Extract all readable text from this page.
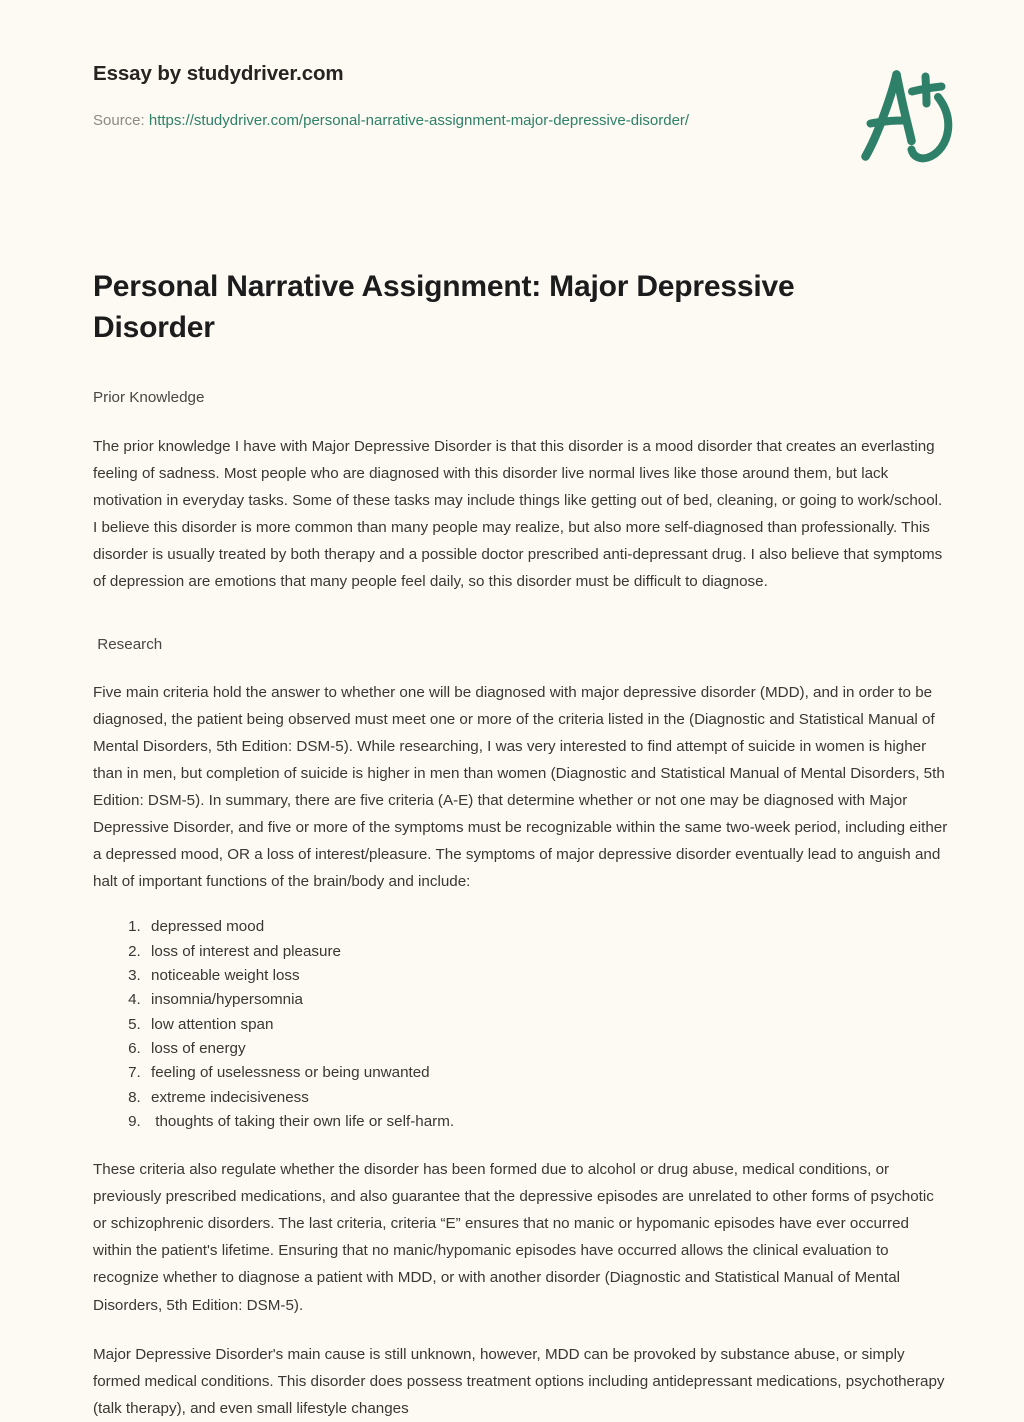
Essay by studydriver.com
Source: https://studydriver.com/personal-narrative-assignment-major-depressive-disorder/
Personal Narrative Assignment: Major Depressive Disorder
Prior Knowledge

The prior knowledge I have with Major Depressive Disorder is that this disorder is a mood disorder that creates an everlasting feeling of sadness. Most people who are diagnosed with this disorder live normal lives like those around them, but lack motivation in everyday tasks. Some of these tasks may include things like getting out of bed, cleaning, or going to work/school. I believe this disorder is more common than many people may realize, but also more self-diagnosed than professionally. This disorder is usually treated by both therapy and a possible doctor prescribed anti-depressant drug. I also believe that symptoms of depression are emotions that many people feel daily, so this disorder must be difficult to diagnose.

Research

Five main criteria hold the answer to whether one will be diagnosed with major depressive disorder (MDD), and in order to be diagnosed, the patient being observed must meet one or more of the criteria listed in the (Diagnostic and Statistical Manual of Mental Disorders, 5th Edition: DSM-5). While researching, I was very interested to find attempt of suicide in women is higher than in men, but completion of suicide is higher in men than women (Diagnostic and Statistical Manual of Mental Disorders, 5th Edition: DSM-5). In summary, there are five criteria (A-E) that determine whether or not one may be diagnosed with Major Depressive Disorder, and five or more of the symptoms must be recognizable within the same two-week period, including either a depressed mood, OR a loss of interest/pleasure. The symptoms of major depressive disorder eventually lead to anguish and halt of important functions of the brain/body and include:

1. depressed mood
2. loss of interest and pleasure
3. noticeable weight loss
4. insomnia/hypersomnia
5. low attention span
6. loss of energy
7. feeling of uselessness or being unwanted
8. extreme indecisiveness
9.  thoughts of taking their own life or self-harm.

These criteria also regulate whether the disorder has been formed due to alcohol or drug abuse, medical conditions, or previously prescribed medications, and also guarantee that the depressive episodes are unrelated to other forms of psychotic or schizophrenic disorders. The last criteria, criteria “E” ensures that no manic or hypomanic episodes have ever occurred within the patient's lifetime. Ensuring that no manic/hypomanic episodes have occurred allows the clinical evaluation to recognize whether to diagnose a patient with MDD, or with another disorder (Diagnostic and Statistical Manual of Mental Disorders, 5th Edition: DSM-5).

Major Depressive Disorder's main cause is still unknown, however, MDD can be provoked by substance abuse, or simply formed medical conditions. This disorder does possess treatment options including antidepressant medications, psychotherapy (talk therapy), and even small lifestyle changes
